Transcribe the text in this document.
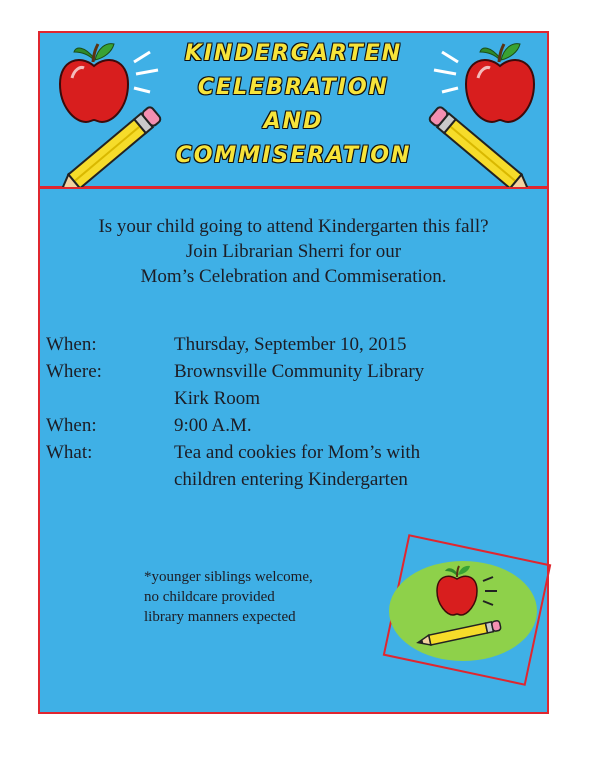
KINDERGARTEN
CELEBRATION
AND
COMMISERATION
Is your child going to attend Kindergarten this fall?
Join Librarian Sherri for our
Mom’s Celebration and Commiseration.
When:	Thursday, September 10, 2015
Where:	Brownsville Community Library
Kirk Room
When:	9:00 A.M.
What:	Tea and cookies for Mom’s with
children entering Kindergarten
*younger siblings welcome,
no childcare provided
library manners expected
